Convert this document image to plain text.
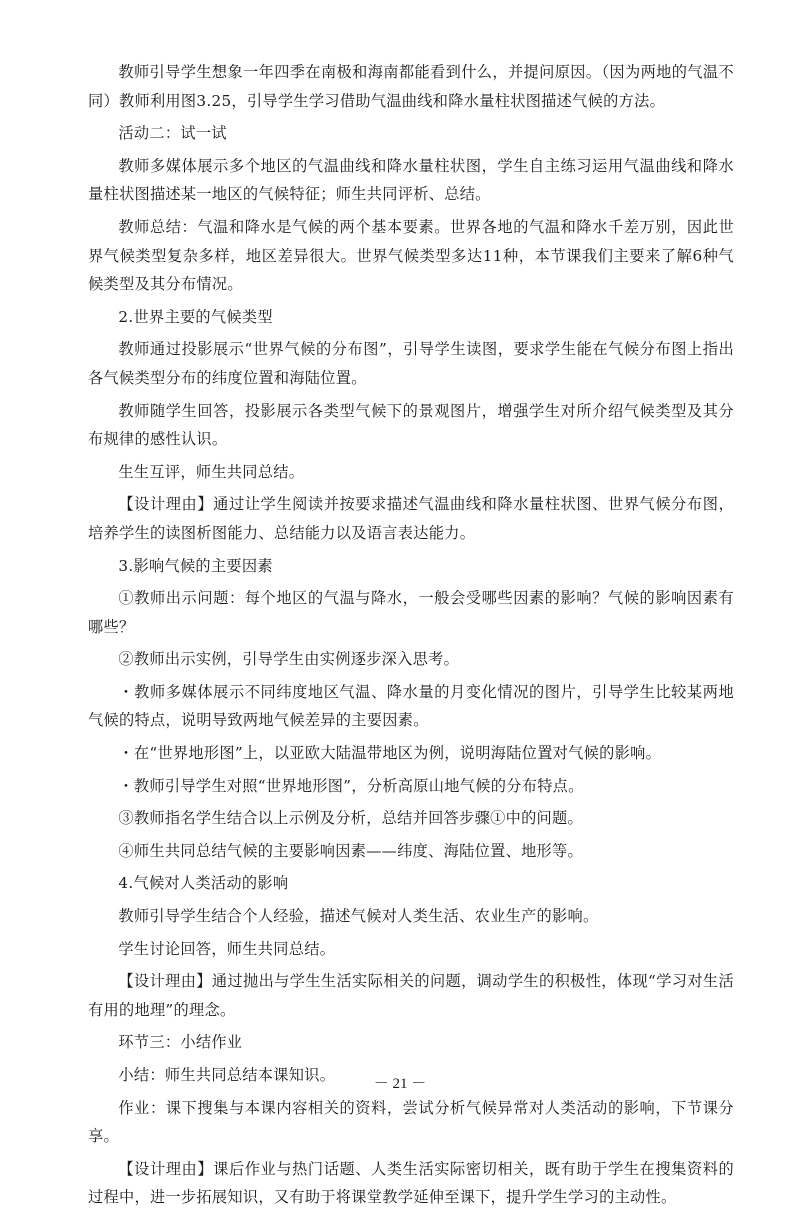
教师引导学生想象一年四季在南极和海南都能看到什么，并提问原因。（因为两地的气温不同）教师利用图3.25，引导学生学习借助气温曲线和降水量柱状图描述气候的方法。

活动二：试一试

教师多媒体展示多个地区的气温曲线和降水量柱状图，学生自主练习运用气温曲线和降水量柱状图描述某一地区的气候特征；师生共同评析、总结。

教师总结：气温和降水是气候的两个基本要素。世界各地的气温和降水千差万别，因此世界气候类型复杂多样，地区差异很大。世界气候类型多达11种，本节课我们主要来了解6种气候类型及其分布情况。

2.世界主要的气候类型

教师通过投影展示“世界气候的分布图”，引导学生读图，要求学生能在气候分布图上指出各气候类型分布的纬度位置和海陆位置。

教师随学生回答，投影展示各类型气候下的景观图片，增强学生对所介绍气候类型及其分布规律的感性认识。

生生互评，师生共同总结。

【设计理由】通过让学生阅读并按要求描述气温曲线和降水量柱状图、世界气候分布图，培养学生的读图析图能力、总结能力以及语言表达能力。

3.影响气候的主要因素

①教师出示问题：每个地区的气温与降水，一般会受哪些因素的影响？气候的影响因素有哪些？

②教师出示实例，引导学生由实例逐步深入思考。

・教师多媒体展示不同纬度地区气温、降水量的月变化情况的图片，引导学生比较某两地气候的特点，说明导致两地气候差异的主要因素。

・在“世界地形图”上，以亚欧大陆温带地区为例，说明海陆位置对气候的影响。

・教师引导学生对照“世界地形图”，分析高原山地气候的分布特点。

③教师指名学生结合以上示例及分析，总结并回答步骤①中的问题。

④师生共同总结气候的主要影响因素——纬度、海陆位置、地形等。

4.气候对人类活动的影响

教师引导学生结合个人经验，描述气候对人类生活、农业生产的影响。

学生讨论回答，师生共同总结。

【设计理由】通过抛出与学生生活实际相关的问题，调动学生的积极性，体现“学习对生活有用的地理”的理念。

环节三：小结作业

小结：师生共同总结本课知识。

作业：课下搜集与本课内容相关的资料，尝试分析气候异常对人类活动的影响，下节课分享。

【设计理由】课后作业与热门话题、人类生活实际密切相关，既有助于学生在搜集资料的过程中，进一步拓展知识，又有助于将课堂教学延伸至课下，提升学生学习的主动性。

－ 21 －
